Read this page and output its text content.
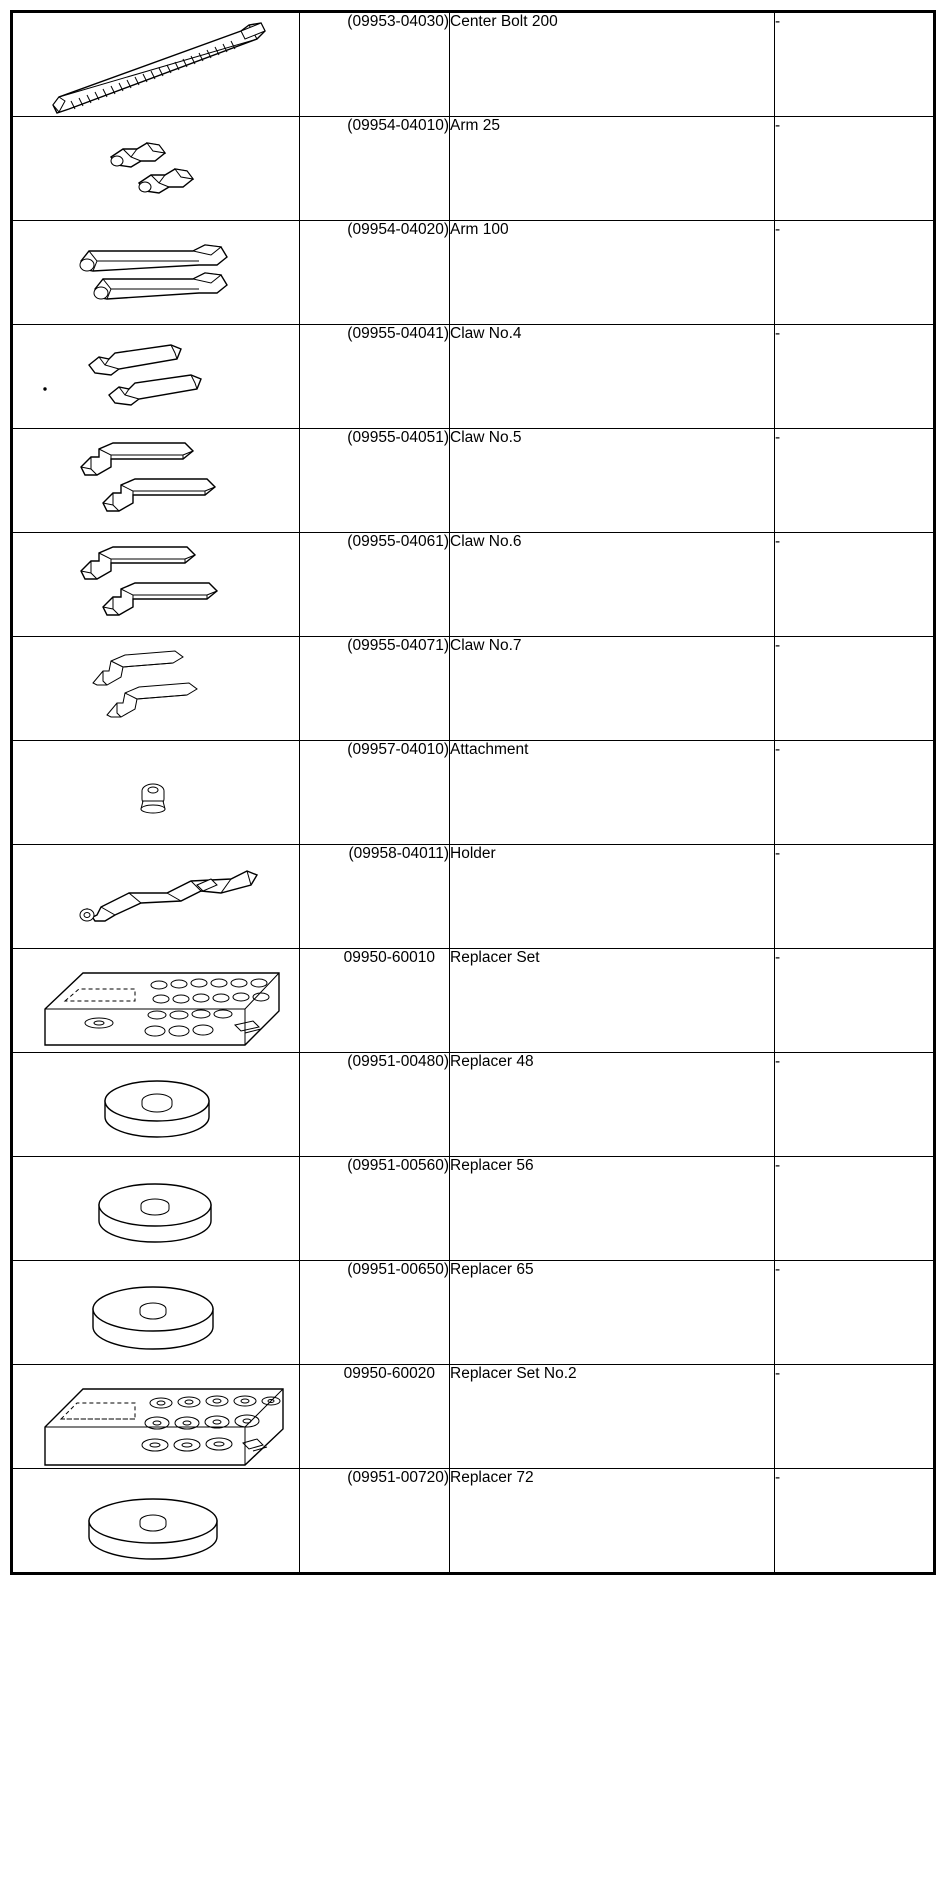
	(09953-04030)	Center Bolt 200	-

	(09954-04010)	Arm 25	-

	(09954-04020)	Arm 100	-

	(09955-04041)	Claw No.4	-

	(09955-04051)	Claw No.5	-

	(09955-04061)	Claw No.6	-

	(09955-04071)	Claw No.7	-

	(09957-04010)	Attachment	-

	(09958-04011)	Holder	-

	09950-60010	Replacer Set	-

	(09951-00480)	Replacer 48	-

	(09951-00560)	Replacer 56	-

	(09951-00650)	Replacer 65	-

	09950-60020	Replacer Set No.2	-

	(09951-00720)	Replacer 72	-
